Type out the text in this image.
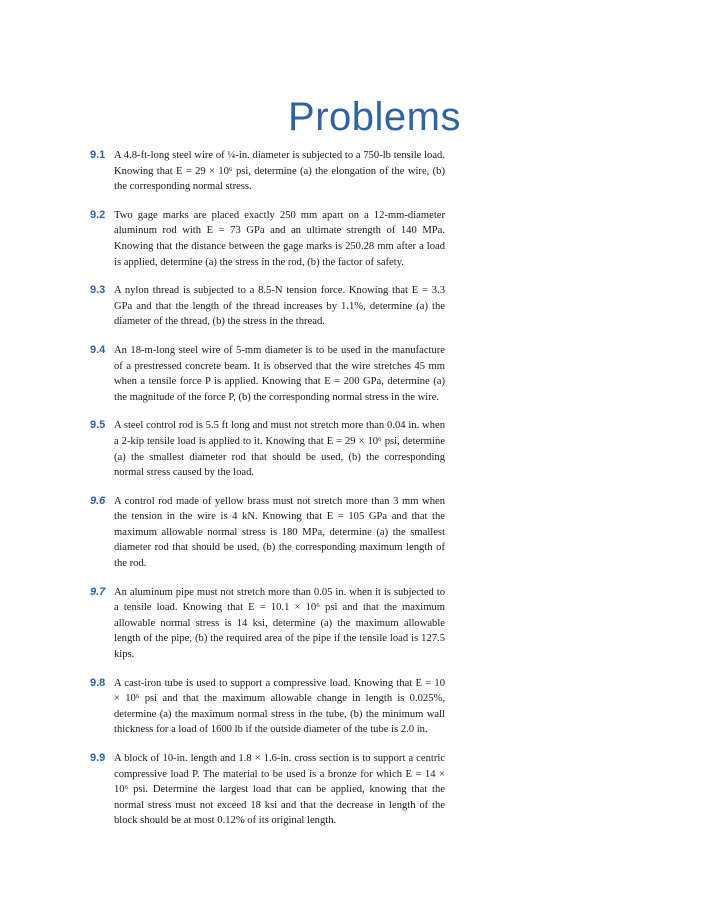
Problems
9.1 A 4.8-ft-long steel wire of ¼-in. diameter is subjected to a 750-lb tensile load. Knowing that E = 29 × 10⁶ psi, determine (a) the elongation of the wire, (b) the corresponding normal stress.
9.2 Two gage marks are placed exactly 250 mm apart on a 12-mm-diameter aluminum rod with E = 73 GPa and an ultimate strength of 140 MPa. Knowing that the distance between the gage marks is 250.28 mm after a load is applied, determine (a) the stress in the rod, (b) the factor of safety.
9.3 A nylon thread is subjected to a 8.5-N tension force. Knowing that E = 3.3 GPa and that the length of the thread increases by 1.1%, determine (a) the diameter of the thread, (b) the stress in the thread.
9.4 An 18-m-long steel wire of 5-mm diameter is to be used in the manufacture of a prestressed concrete beam. It is observed that the wire stretches 45 mm when a tensile force P is applied. Knowing that E = 200 GPa, determine (a) the magnitude of the force P, (b) the corresponding normal stress in the wire.
9.5 A steel control rod is 5.5 ft long and must not stretch more than 0.04 in. when a 2-kip tensile load is applied to it. Knowing that E = 29 × 10⁶ psi, determine (a) the smallest diameter rod that should be used, (b) the corresponding normal stress caused by the load.
9.6 A control rod made of yellow brass must not stretch more than 3 mm when the tension in the wire is 4 kN. Knowing that E = 105 GPa and that the maximum allowable normal stress is 180 MPa, determine (a) the smallest diameter rod that should be used, (b) the corresponding maximum length of the rod.
9.7 An aluminum pipe must not stretch more than 0.05 in. when it is subjected to a tensile load. Knowing that E = 10.1 × 10⁶ psi and that the maximum allowable normal stress is 14 ksi, determine (a) the maximum allowable length of the pipe, (b) the required area of the pipe if the tensile load is 127.5 kips.
9.8 A cast-iron tube is used to support a compressive load. Knowing that E = 10 × 10⁶ psi and that the maximum allowable change in length is 0.025%, determine (a) the maximum normal stress in the tube, (b) the minimum wall thickness for a load of 1600 lb if the outside diameter of the tube is 2.0 in.
9.9 A block of 10-in. length and 1.8 × 1.6-in. cross section is to support a centric compressive load P. The material to be used is a bronze for which E = 14 × 10⁶ psi. Determine the largest load that can be applied, knowing that the normal stress must not exceed 18 ksi and that the decrease in length of the block should be at most 0.12% of its original length.
